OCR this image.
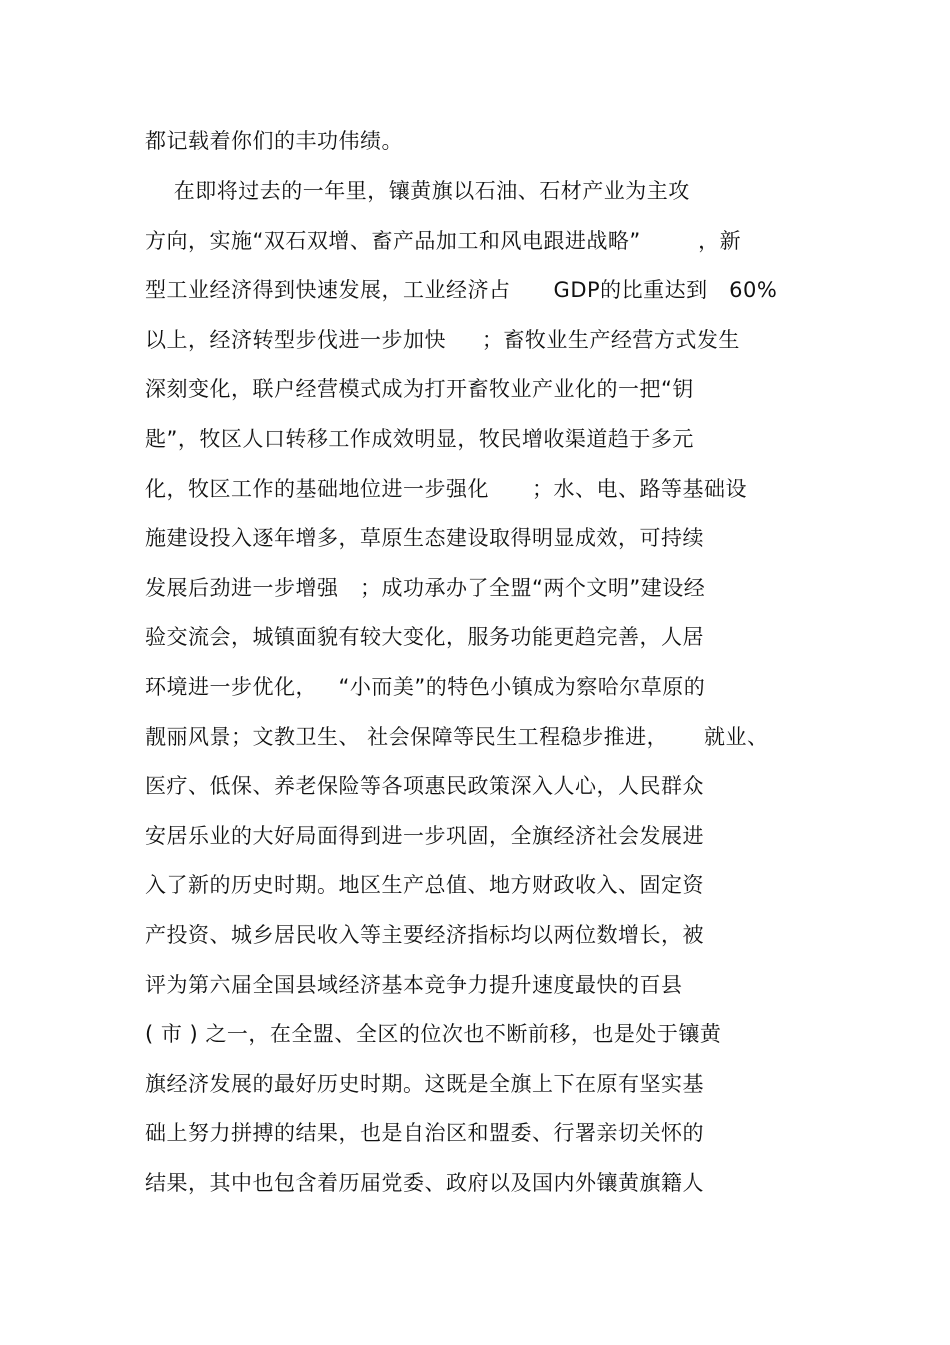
都记载着你们的丰功伟绩。
在即将过去的一年里，镶黄旗以石油、石材产业为主攻
方向，实施“双石双增、畜产品加工和风电跟进战略”        ，新
型工业经济得到快速发展，工业经济占      GDP的比重达到   60%
以上，经济转型步伐进一步加快     ；畜牧业生产经营方式发生
深刻变化，联户经营模式成为打开畜牧业产业化的一把“钥
匙”，牧区人口转移工作成效明显，牧民增收渠道趋于多元
化，牧区工作的基础地位进一步强化      ；水、电、路等基础设
施建设投入逐年增多，草原生态建设取得明显成效，可持续
发展后劲进一步增强   ；成功承办了全盟“两个文明”建设经
验交流会，城镇面貌有较大变化，服务功能更趋完善，人居
环境进一步优化，   “小而美”的特色小镇成为察哈尔草原的
靓丽风景；文教卫生、 社会保障等民生工程稳步推进，     就业、
医疗、低保、养老保险等各项惠民政策深入人心，人民群众
安居乐业的大好局面得到进一步巩固，全旗经济社会发展进
入了新的历史时期。地区生产总值、地方财政收入、固定资
产投资、城乡居民收入等主要经济指标均以两位数增长，被
评为第六届全国县域经济基本竞争力提升速度最快的百县
( 市 ) 之一，在全盟、全区的位次也不断前移，也是处于镶黄
旗经济发展的最好历史时期。这既是全旗上下在原有坚实基
础上努力拼搏的结果，也是自治区和盟委、行署亲切关怀的
结果，其中也包含着历届党委、政府以及国内外镶黄旗籍人
